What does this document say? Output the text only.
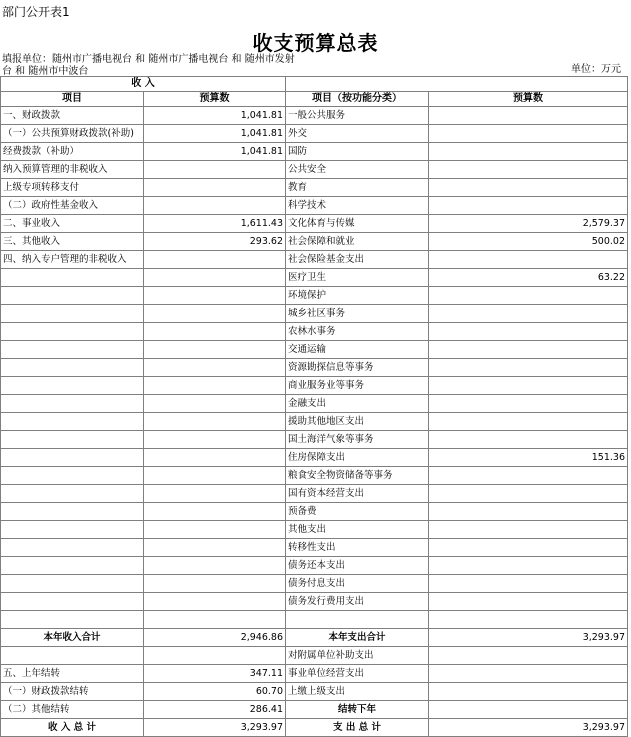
部门公开表1
收支预算总表
填报单位：随州市广播电视台 和 随州市广播电视台 和 随州市发射台 和 随州市中波台	单位：万元
收 入			
项目	预算数	项目（按功能分类）	预算数
一、财政拨款	1,041.81	一般公共服务	
（一）公共预算财政拨款(补助)	1,041.81	外交	
经费拨款（补助）	1,041.81	国防	
纳入预算管理的非税收入		公共安全	
上级专项转移支付		教育	
（二）政府性基金收入		科学技术	
二、事业收入	1,611.43	文化体育与传媒	2,579.37
三、其他收入	293.62	社会保障和就业	500.02
四、纳入专户管理的非税收入		社会保险基金支出	
		医疗卫生	63.22
		环境保护	
		城乡社区事务	
		农林水事务	
		交通运输	
		资源勘探信息等事务	
		商业服务业等事务	
		金融支出	
		援助其他地区支出	
		国土海洋气象等事务	
		住房保障支出	151.36
		粮食安全物资储备等事务	
		国有资本经营支出	
		预备费	
		其他支出	
		转移性支出	
		债务还本支出	
		债务付息支出	
		债务发行费用支出	

本年收入合计	2,946.86	本年支出合计	3,293.97
		对附属单位补助支出	
五、上年结转	347.11	事业单位经营支出	
（一）财政拨款结转	60.70	上缴上级支出	
（二）其他结转	286.41	结转下年	
收 入 总 计	3,293.97	支 出 总 计	3,293.97
